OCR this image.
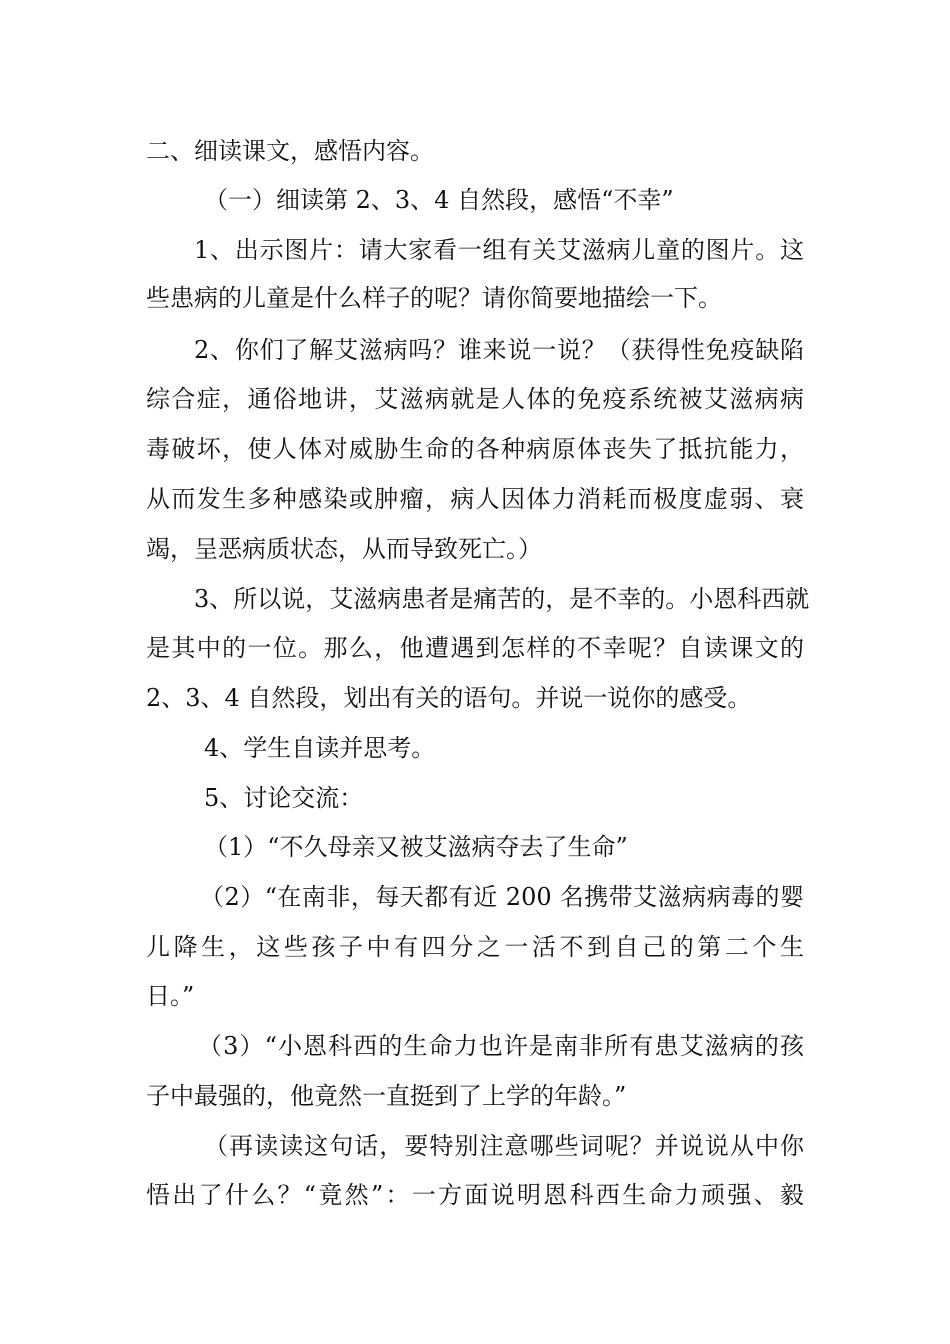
二、细读课文，感悟内容。
（一）细读第 2、3、4 自然段，感悟“不幸”
1、出示图片：请大家看一组有关艾滋病儿童的图片。这
些患病的儿童是什么样子的呢？请你简要地描绘一下。
2、你们了解艾滋病吗？谁来说一说？（获得性免疫缺陷
综合症，通俗地讲，艾滋病就是人体的免疫系统被艾滋病病
毒破坏，使人体对威胁生命的各种病原体丧失了抵抗能力，
从而发生多种感染或肿瘤，病人因体力消耗而极度虚弱、衰
竭，呈恶病质状态，从而导致死亡。）
3、所以说，艾滋病患者是痛苦的，是不幸的。小恩科西就
是其中的一位。那么，他遭遇到怎样的不幸呢？自读课文的
2、3、4 自然段，划出有关的语句。并说一说你的感受。
4、学生自读并思考。
5、讨论交流：
（1）“不久母亲又被艾滋病夺去了生命”
（2）“在南非，每天都有近 200 名携带艾滋病病毒的婴
儿降生，这些孩子中有四分之一活不到自己的第二个生
日。”
（3）“小恩科西的生命力也许是南非所有患艾滋病的孩
子中最强的，他竟然一直挺到了上学的年龄。”
（再读读这句话，要特别注意哪些词呢？并说说从中你
悟出了什么？“竟然”：一方面说明恩科西生命力顽强、毅
